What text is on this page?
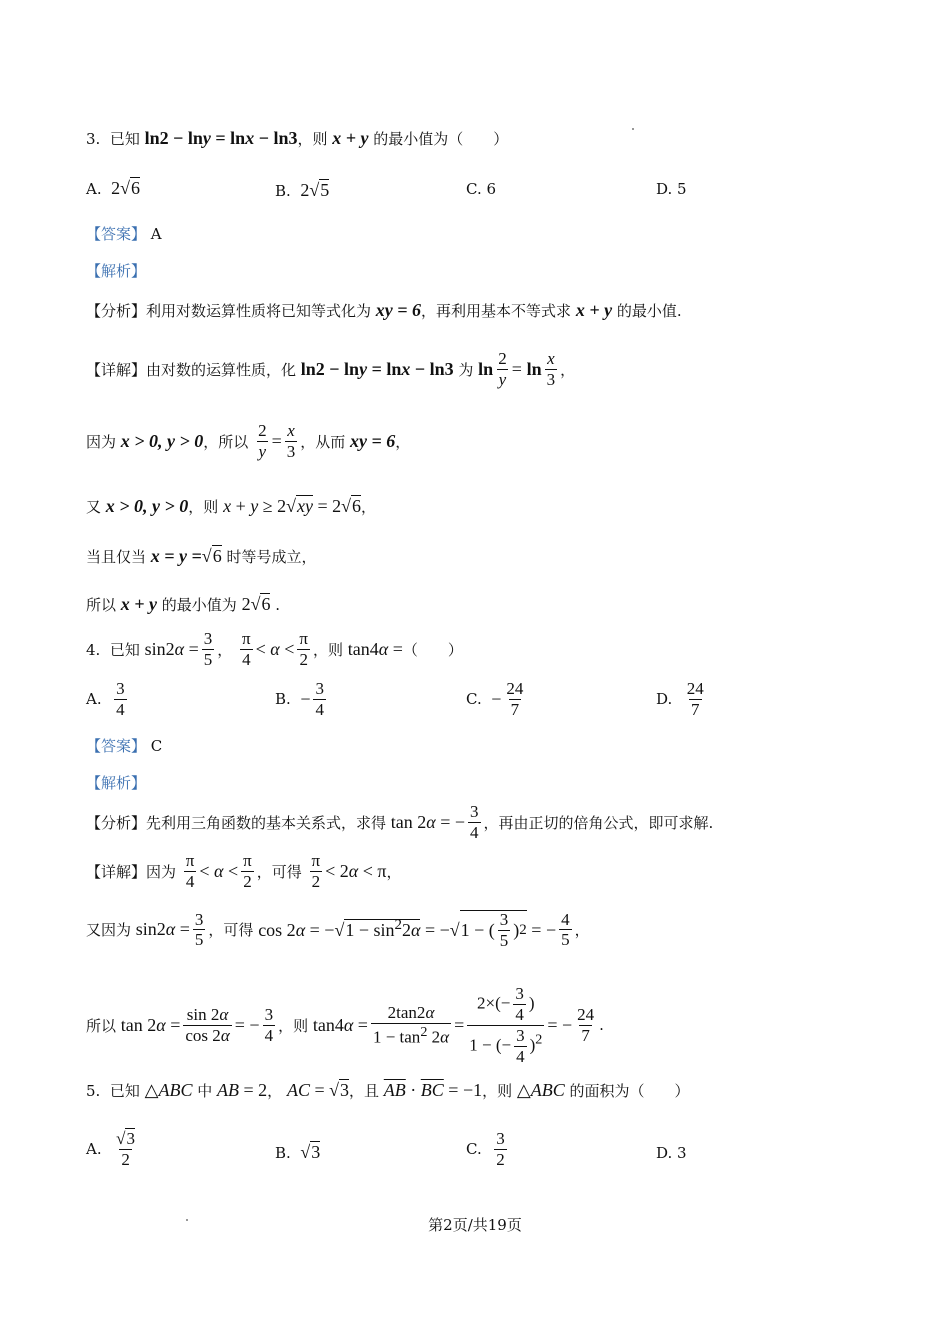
3.  已知 ln2 − lny = lnx − ln3 ，则 x + y 的最小值为（　　）
A. 2√6	B. 2√5	C. 6	D. 5
【答案】 A
【解析】
【分析】利用对数运算性质将已知等式化为 xy = 6 ，再利用基本不等式求 x + y 的最小值.
【详解】由对数的运算性质，化 ln2 − lny = lnx − ln3 为 $\ln \frac{2}{y}$ =
$\ln \frac{x}{3}$ ，
因为 x > 0, y > 0 ，所以 $\frac{2}{y} = \frac{x}{3}$ ，从而 xy = 6 ，
又 x > 0, y > 0 ，则 x + y ≥ 2√xy = 2√6 ，
当且仅当 x = y = √6 时等号成立，
所以 x + y 的最小值为 2√6 .
4.  已知 $\sin 2\alpha = \frac{3}{5}$ ， $\frac{\pi}{4} < \alpha < \frac{\pi}{2}$ ，则 tan4α = （　　）
A. $\frac{3}{4}$	B. − $\frac{3}{4}$	C. − $\frac{24}{7}$	D. $\frac{24}{7}$
【答案】 C
【解析】
【分析】先利用三角函数的基本关系式，求得 tan 2α = − $\frac{3}{4}$ ，再由正切的倍角公式，即可求解.
【详解】因为 $\frac{\pi}{4} < \alpha < \frac{\pi}{2}$ ，可得 $\frac{\pi}{2} < 2\alpha < \pi$ ，
又因为 $\sin 2\alpha = \frac{3}{5}$ ，可得 $\cos 2\alpha = -√1 - \sin^22\alpha = -√1$ − ( $\frac{3}{5}$ ) 2 = − $\frac{4}{5}$ ，
所以 $\tan 2\alpha = \frac{\sin 2\alpha}{\cos 2\alpha}$ = − $\frac{3}{4}$ ，则 $\tan 4\alpha = \frac{2\tan 2\alpha}{1 - \tan^2 2\alpha} = \frac{2\times(- \frac{3}{4} )}{1 - (- \frac{3}{4} )^2}$ = − $\frac{24}{7}$ .
5.  已知 △ABC 中 AB = 2 ， AC = √3 ，且 $\overline{AB} \cdot \overline{BC} = -1$ ，则 △ABC 的面积为（　　）
A. $\frac{√3}{2}$	B. √3	C. $\frac{3}{2}$	D. 3
第2页/共19页
